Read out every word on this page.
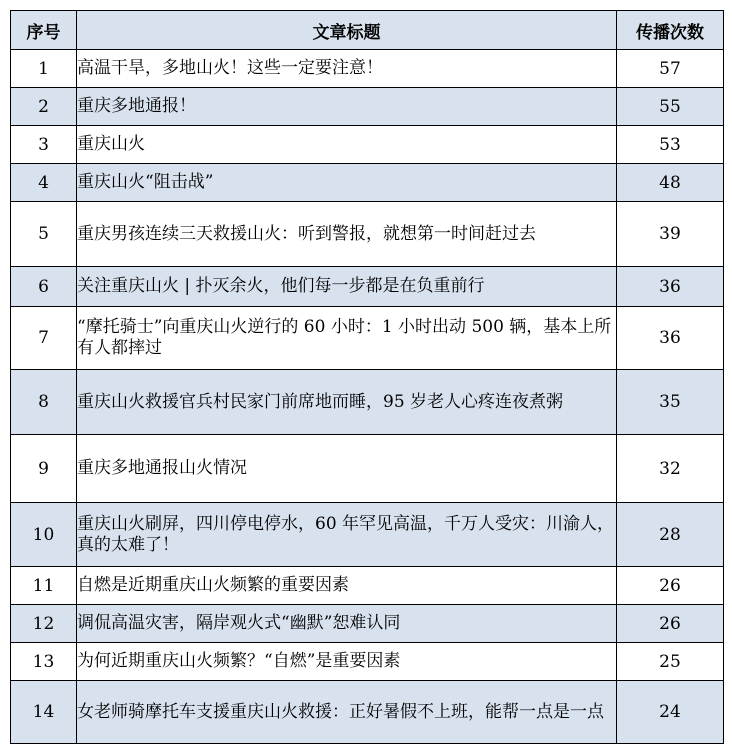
序号	文章标题	传播次数
1	高温干旱，多地山火！这些一定要注意！	57
2	重庆多地通报！	55
3	重庆山火	53
4	重庆山火“阻击战”	48
5	重庆男孩连续三天救援山火：听到警报，就想第一时间赶过去	39
6	关注重庆山火 | 扑灭余火，他们每一步都是在负重前行	36
7	“摩托骑士”向重庆山火逆行的 60 小时：1 小时出动 500 辆，基本上所有人都摔过	36
8	重庆山火救援官兵村民家门前席地而睡，95 岁老人心疼连夜煮粥	35
9	重庆多地通报山火情况	32
10	重庆山火刷屏，四川停电停水，60 年罕见高温，千万人受灾：川渝人，真的太难了！	28
11	自燃是近期重庆山火频繁的重要因素	26
12	调侃高温灾害，隔岸观火式“幽默”恕难认同	26
13	为何近期重庆山火频繁？“自燃”是重要因素	25
14	女老师骑摩托车支援重庆山火救援：正好暑假不上班，能帮一点是一点	24
